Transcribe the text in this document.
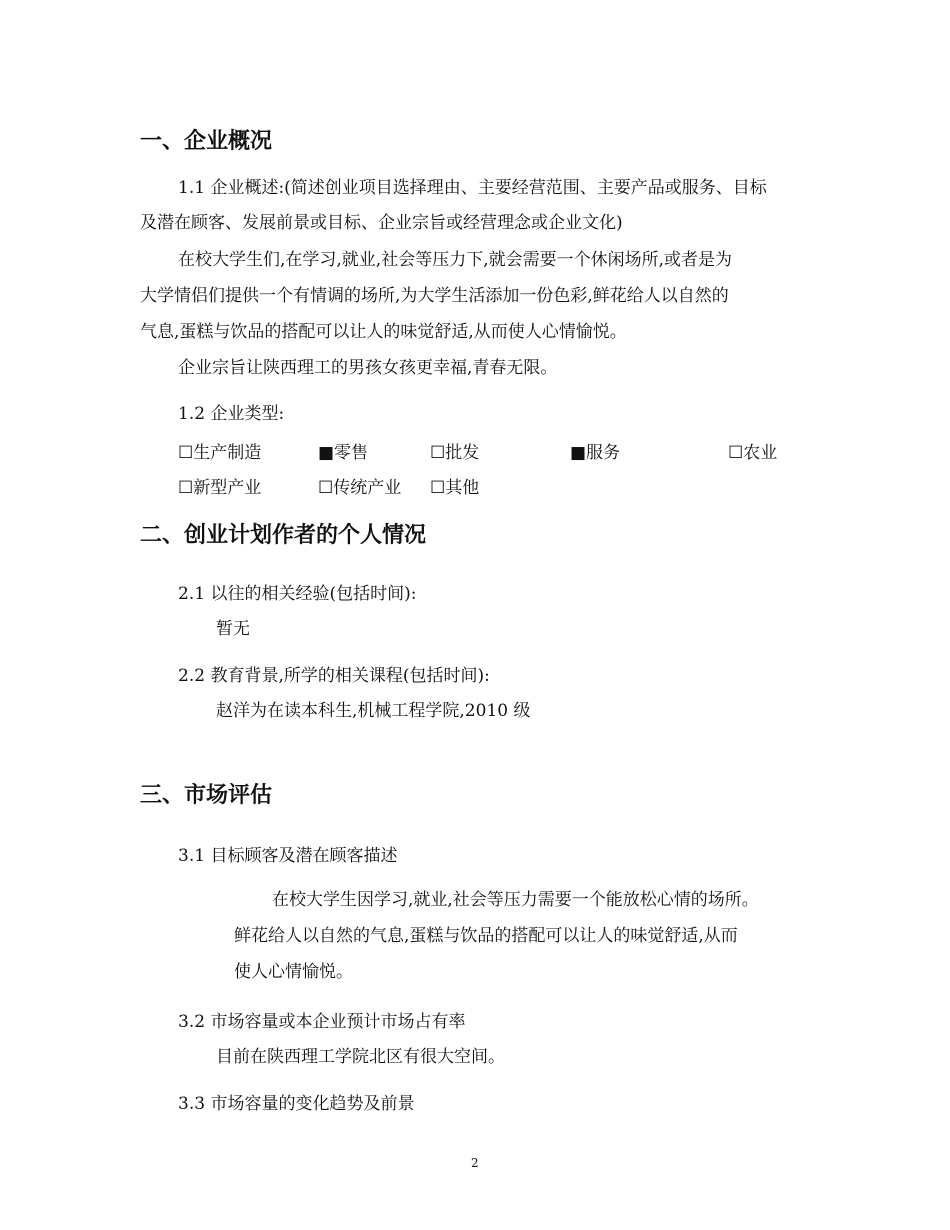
一、企业概况
1.1 企业概述:(简述创业项目选择理由、主要经营范围、主要产品或服务、目标
及潜在顾客、发展前景或目标、企业宗旨或经营理念或企业文化)
在校大学生们,在学习,就业,社会等压力下,就会需要一个休闲场所,或者是为
大学情侣们提供一个有情调的场所,为大学生活添加一份色彩,鲜花给人以自然的
气息,蛋糕与饮品的搭配可以让人的味觉舒适,从而使人心情愉悦。
企业宗旨让陕西理工的男孩女孩更幸福,青春无限。
1.2 企业类型:
☐生产制造	■零售	☐批发	■服务	☐农业
☐新型产业	☐传统产业 ☐其他
二、创业计划作者的个人情况
2.1 以往的相关经验(包括时间):
暂无
2.2 教育背景,所学的相关课程(包括时间):
赵洋为在读本科生,机械工程学院,2010 级
三、市场评估
3.1 目标顾客及潜在顾客描述
在校大学生因学习,就业,社会等压力需要一个能放松心情的场所。
鲜花给人以自然的气息,蛋糕与饮品的搭配可以让人的味觉舒适,从而
使人心情愉悦。
3.2 市场容量或本企业预计市场占有率
目前在陕西理工学院北区有很大空间。
3.3 市场容量的变化趋势及前景
2
